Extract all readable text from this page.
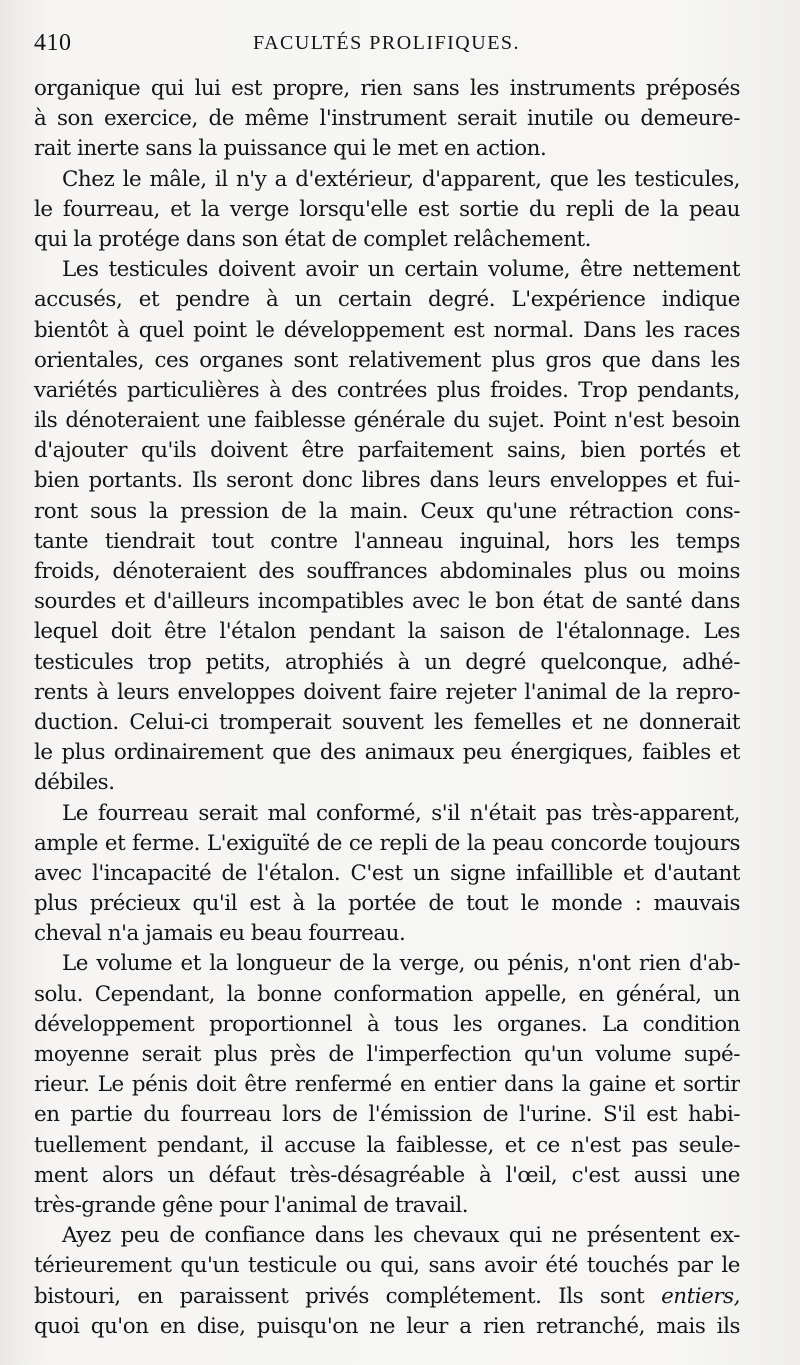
410	FACULTÉS PROLIFIQUES.
organique qui lui est propre, rien sans les instruments préposés
à son exercice, de même l'instrument serait inutile ou demeure-
rait inerte sans la puissance qui le met en action.
Chez le mâle, il n'y a d'extérieur, d'apparent, que les testicules,
le fourreau, et la verge lorsqu'elle est sortie du repli de la peau
qui la protége dans son état de complet relâchement.
Les testicules doivent avoir un certain volume, être nettement
accusés, et pendre à un certain degré. L'expérience indique
bientôt à quel point le développement est normal. Dans les races
orientales, ces organes sont relativement plus gros que dans les
variétés particulières à des contrées plus froides. Trop pendants,
ils dénoteraient une faiblesse générale du sujet. Point n'est besoin
d'ajouter qu'ils doivent être parfaitement sains, bien portés et
bien portants. Ils seront donc libres dans leurs enveloppes et fui-
ront sous la pression de la main. Ceux qu'une rétraction cons-
tante tiendrait tout contre l'anneau inguinal, hors les temps
froids, dénoteraient des souffrances abdominales plus ou moins
sourdes et d'ailleurs incompatibles avec le bon état de santé dans
lequel doit être l'étalon pendant la saison de l'étalonnage. Les
testicules trop petits, atrophiés à un degré quelconque, adhé-
rents à leurs enveloppes doivent faire rejeter l'animal de la repro-
duction. Celui-ci tromperait souvent les femelles et ne donnerait
le plus ordinairement que des animaux peu énergiques, faibles et
débiles.
Le fourreau serait mal conformé, s'il n'était pas très-apparent,
ample et ferme. L'exiguïté de ce repli de la peau concorde toujours
avec l'incapacité de l'étalon. C'est un signe infaillible et d'autant
plus précieux qu'il est à la portée de tout le monde : mauvais
cheval n'a jamais eu beau fourreau.
Le volume et la longueur de la verge, ou pénis, n'ont rien d'ab-
solu. Cependant, la bonne conformation appelle, en général, un
développement proportionnel à tous les organes. La condition
moyenne serait plus près de l'imperfection qu'un volume supé-
rieur. Le pénis doit être renfermé en entier dans la gaine et sortir
en partie du fourreau lors de l'émission de l'urine. S'il est habi-
tuellement pendant, il accuse la faiblesse, et ce n'est pas seule-
ment alors un défaut très-désagréable à l'œil, c'est aussi une
très-grande gêne pour l'animal de travail.
Ayez peu de confiance dans les chevaux qui ne présentent ex-
térieurement qu'un testicule ou qui, sans avoir été touchés par le
bistouri, en paraissent privés complétement. Ils sont entiers,
quoi qu'on en dise, puisqu'on ne leur a rien retranché, mais ils
